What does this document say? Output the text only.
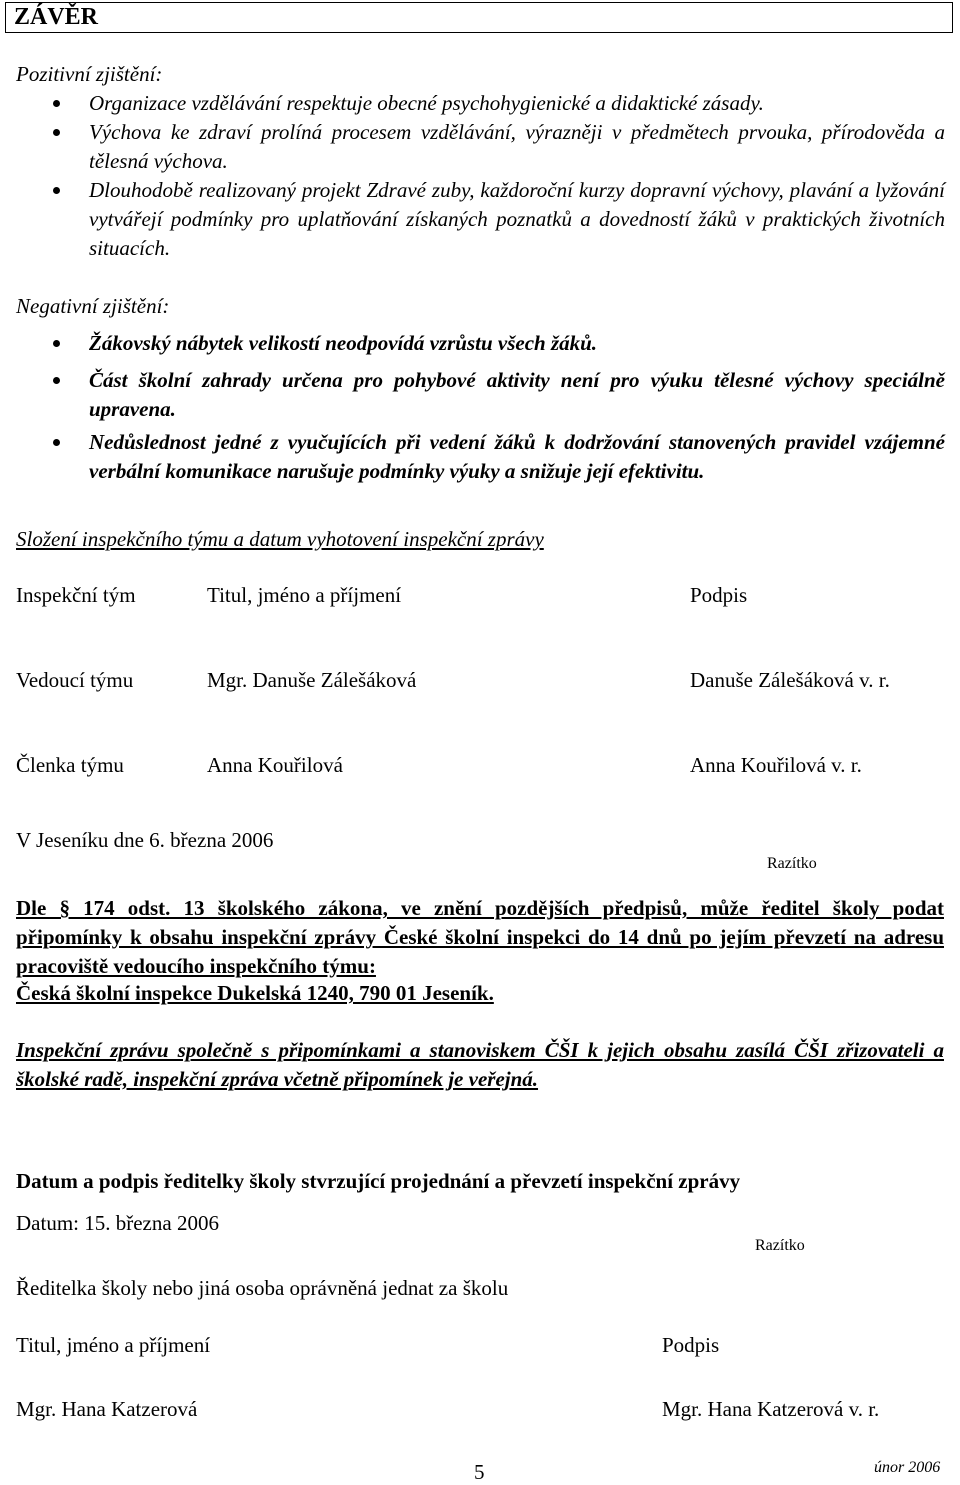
ZÁVĚR
Pozitivní zjištění:
Organizace vzdělávání respektuje obecné psychohygienické a didaktické zásady.
Výchova ke zdraví prolíná procesem vzdělávání, výrazněji v předmětech prvouka, přírodověda a tělesná výchova.
Dlouhodobě realizovaný projekt Zdravé zuby, každoroční kurzy dopravní výchovy, plavání a lyžování vytvářejí podmínky pro uplatňování získaných poznatků a dovedností žáků v praktických životních situacích.
Negativní zjištění:
Žákovský nábytek velikostí neodpovídá vzrůstu všech žáků.
Část školní zahrady určena pro pohybové aktivity není pro výuku tělesné výchovy speciálně upravena.
Nedůslednost jedné z vyučujících při vedení žáků k dodržování stanovených pravidel vzájemné verbální komunikace narušuje podmínky výuky a snižuje její efektivitu.
Složení inspekčního týmu a datum vyhotovení inspekční zprávy
Inspekční tým	Titul, jméno a příjmení	Podpis
Vedoucí týmu	Mgr. Danuše Zálešáková	Danuše Zálešáková v. r.
Členka týmu	Anna Kouřilová	Anna Kouřilová v. r.
V Jeseníku dne 6. března 2006
Razítko
Dle § 174 odst. 13 školského zákona, ve znění pozdějších předpisů, může ředitel školy podat připomínky k obsahu inspekční zprávy České školní inspekci do 14 dnů po jejím převzetí na adresu pracoviště vedoucího inspekčního týmu:
Česká školní inspekce Dukelská 1240, 790 01 Jeseník.
Inspekční zprávu společně s připomínkami a stanoviskem ČŠI k jejich obsahu zasílá ČŠI zřizovateli a školské radě, inspekční zpráva včetně připomínek je veřejná.
Datum a podpis ředitelky školy stvrzující projednání a převzetí inspekční zprávy
Datum: 15. března 2006
Razítko
Ředitelka školy nebo jiná osoba oprávněná jednat za školu
Titul, jméno a příjmení	Podpis
Mgr. Hana Katzerová	Mgr. Hana Katzerová v. r.
5	únor 2006
